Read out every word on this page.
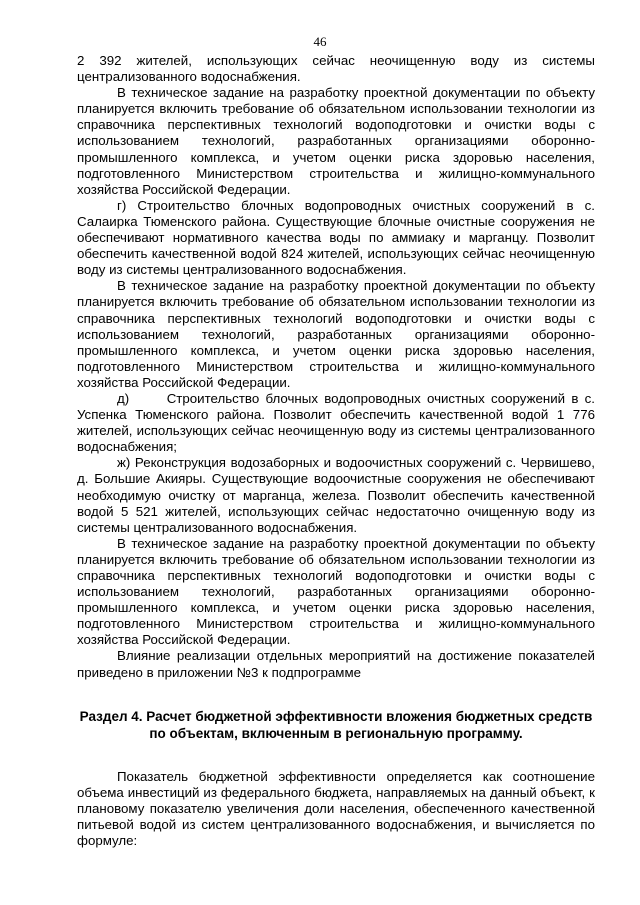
46

2 392 жителей, использующих сейчас неочищенную воду из системы централизованного водоснабжения.

В техническое задание на разработку проектной документации по объекту планируется включить требование об обязательном использовании технологии из справочника перспективных технологий водоподготовки и очистки воды с использованием технологий, разработанных организациями оборонно-промышленного комплекса, и учетом оценки риска здоровью населения, подготовленного Министерством строительства и жилищно-коммунального хозяйства Российской Федерации.

г) Строительство блочных водопроводных очистных сооружений в с. Салаирка Тюменского района. Существующие блочные очистные сооружения не обеспечивают нормативного качества воды по аммиаку и марганцу. Позволит обеспечить качественной водой 824 жителей, использующих сейчас неочищенную воду из системы централизованного водоснабжения.

В техническое задание на разработку проектной документации по объекту планируется включить требование об обязательном использовании технологии из справочника перспективных технологий водоподготовки и очистки воды с использованием технологий, разработанных организациями оборонно-промышленного комплекса, и учетом оценки риска здоровью населения, подготовленного Министерством строительства и жилищно-коммунального хозяйства Российской Федерации.

д)      Строительство блочных водопроводных очистных сооружений в с. Успенка Тюменского района. Позволит обеспечить качественной водой 1 776 жителей, использующих сейчас неочищенную воду из системы централизованного водоснабжения;

ж) Реконструкция водозаборных и водоочистных сооружений с. Червишево, д. Большие Акияры. Существующие водоочистные сооружения не обеспечивают необходимую очистку от марганца, железа. Позволит обеспечить качественной водой 5 521 жителей, использующих сейчас недостаточно очищенную воду из системы централизованного водоснабжения.

В техническое задание на разработку проектной документации по объекту планируется включить требование об обязательном использовании технологии из справочника перспективных технологий водоподготовки и очистки воды с использованием технологий, разработанных организациями оборонно-промышленного комплекса, и учетом оценки риска здоровью населения, подготовленного Министерством строительства и жилищно-коммунального хозяйства Российской Федерации.

Влияние реализации отдельных мероприятий на достижение показателей приведено в приложении №3 к подпрограмме

Раздел 4. Расчет бюджетной эффективности вложения бюджетных средств по объектам, включенным в региональную программу.

Показатель бюджетной эффективности определяется как соотношение объема инвестиций из федерального бюджета, направляемых на данный объект, к плановому показателю увеличения доли населения, обеспеченного качественной питьевой водой из систем централизованного водоснабжения, и вычисляется по формуле:
